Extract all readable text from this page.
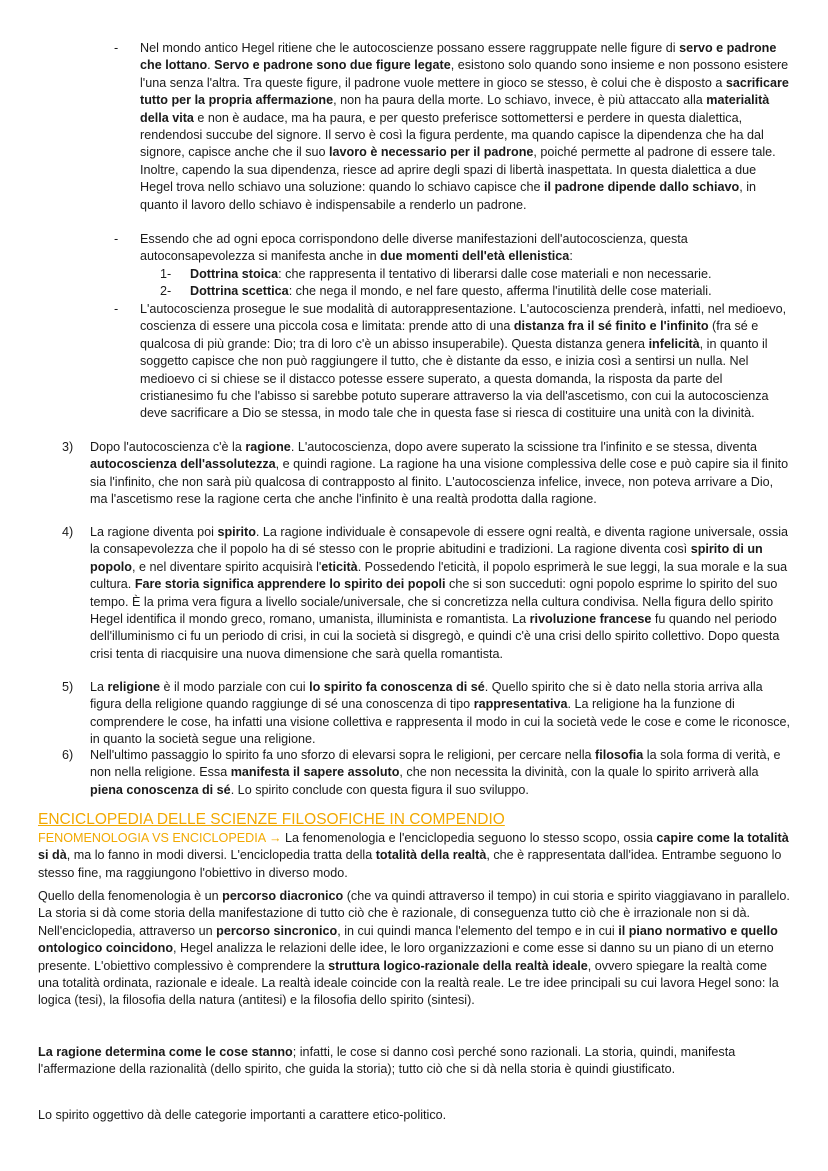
- Nel mondo antico Hegel ritiene che le autocoscienze possano essere raggruppate nelle figure di servo e padrone che lottano. Servo e padrone sono due figure legate, esistono solo quando sono insieme e non possono esistere l'una senza l'altra. Tra queste figure, il padrone vuole mettere in gioco se stesso, è colui che è disposto a sacrificare tutto per la propria affermazione, non ha paura della morte. Lo schiavo, invece, è più attaccato alla materialità della vita e non è audace, ma ha paura, e per questo preferisce sottomettersi e perdere in questa dialettica, rendendosi succube del signore. Il servo è così la figura perdente, ma quando capisce la dipendenza che ha dal signore, capisce anche che il suo lavoro è necessario per il padrone, poiché permette al padrone di essere tale. Inoltre, capendo la sua dipendenza, riesce ad aprire degli spazi di libertà inaspettata. In questa dialettica a due Hegel trova nello schiavo una soluzione: quando lo schiavo capisce che il padrone dipende dallo schiavo, in quanto il lavoro dello schiavo è indispensabile a renderlo un padrone.

- Essendo che ad ogni epoca corrispondono delle diverse manifestazioni dell'autocoscienza, questa autoconsapevolezza si manifesta anche in due momenti dell'età ellenistica:

1- Dottrina stoica: che rappresenta il tentativo di liberarsi dalle cose materiali e non necessarie.

2- Dottrina scettica: che nega il mondo, e nel fare questo, afferma l'inutilità delle cose materiali.

- L'autocoscienza prosegue le sue modalità di autorappresentazione. L'autocoscienza prenderà, infatti, nel medioevo, coscienza di essere una piccola cosa e limitata: prende atto di una distanza fra il sé finito e l'infinito (fra sé e qualcosa di più grande: Dio; tra di loro c'è un abisso insuperabile). Questa distanza genera infelicità, in quanto il soggetto capisce che non può raggiungere il tutto, che è distante da esso, e inizia così a sentirsi un nulla. Nel medioevo ci si chiese se il distacco potesse essere superato, a questa domanda, la risposta da parte del cristianesimo fu che l'abisso si sarebbe potuto superare attraverso la via dell'ascetismo, con cui la autocoscienza deve sacrificare a Dio se stessa, in modo tale che in questa fase si riesca di costituire una unità con la divinità.

3) Dopo l'autocoscienza c'è la ragione. L'autocoscienza, dopo avere superato la scissione tra l'infinito e se stessa, diventa autocoscienza dell'assolutezza, e quindi ragione. La ragione ha una visione complessiva delle cose e può capire sia il finito sia l'infinito, che non sarà più qualcosa di contrapposto al finito. L'autocoscienza infelice, invece, non poteva arrivare a Dio, ma l'ascetismo rese la ragione certa che anche l'infinito è una realtà prodotta dalla ragione.

4) La ragione diventa poi spirito. La ragione individuale è consapevole di essere ogni realtà, e diventa ragione universale, ossia la consapevolezza che il popolo ha di sé stesso con le proprie abitudini e tradizioni. La ragione diventa così spirito di un popolo, e nel diventare spirito acquisirà l'eticità. Possedendo l'eticità, il popolo esprimerà le sue leggi, la sua morale e la sua cultura. Fare storia significa apprendere lo spirito dei popoli che si son succeduti: ogni popolo esprime lo spirito del suo tempo. È la prima vera figura a livello sociale/universale, che si concretizza nella cultura condivisa. Nella figura dello spirito Hegel identifica il mondo greco, romano, umanista, illuminista e romantista. La rivoluzione francese fu quando nel periodo dell'illuminismo ci fu un periodo di crisi, in cui la società si disgregò, e quindi c'è una crisi dello spirito collettivo. Dopo questa crisi tenta di riacquisire una nuova dimensione che sarà quella romantista.

5) La religione è il modo parziale con cui lo spirito fa conoscenza di sé. Quello spirito che si è dato nella storia arriva alla figura della religione quando raggiunge di sé una conoscenza di tipo rappresentativa. La religione ha la funzione di comprendere le cose, ha infatti una visione collettiva e rappresenta il modo in cui la società vede le cose e come le riconosce, in quanto la società segue una religione.

6) Nell'ultimo passaggio lo spirito fa uno sforzo di elevarsi sopra le religioni, per cercare nella filosofia la sola forma di verità, e non nella religione. Essa manifesta il sapere assoluto, che non necessita la divinità, con la quale lo spirito arriverà alla piena conoscenza di sé. Lo spirito conclude con questa figura il suo sviluppo.

ENCICLOPEDIA DELLE SCIENZE FILOSOFICHE IN COMPENDIO

FENOMENOLOGIA VS ENCICLOPEDIA → La fenomenologia e l'enciclopedia seguono lo stesso scopo, ossia capire come la totalità si dà, ma lo fanno in modi diversi. L'enciclopedia tratta della totalità della realtà, che è rappresentata dall'idea. Entrambe seguono lo stesso fine, ma raggiungono l'obiettivo in diverso modo.

Quello della fenomenologia è un percorso diacronico (che va quindi attraverso il tempo) in cui storia e spirito viaggiavano in parallelo. La storia si dà come storia della manifestazione di tutto ciò che è razionale, di conseguenza tutto ciò che è irrazionale non si dà. Nell'enciclopedia, attraverso un percorso sincronico, in cui quindi manca l'elemento del tempo e in cui il piano normativo e quello ontologico coincidono, Hegel analizza le relazioni delle idee, le loro organizzazioni e come esse si danno su un piano di un eterno presente. L'obiettivo complessivo è comprendere la struttura logico-razionale della realtà ideale, ovvero spiegare la realtà come una totalità ordinata, razionale e ideale. La realtà ideale coincide con la realtà reale. Le tre idee principali su cui lavora Hegel sono: la logica (tesi), la filosofia della natura (antitesi) e la filosofia dello spirito (sintesi).

La ragione determina come le cose stanno; infatti, le cose si danno così perché sono razionali. La storia, quindi, manifesta l'affermazione della razionalità (dello spirito, che guida la storia); tutto ciò che si dà nella storia è quindi giustificato.

Lo spirito oggettivo dà delle categorie importanti a carattere etico-politico.
